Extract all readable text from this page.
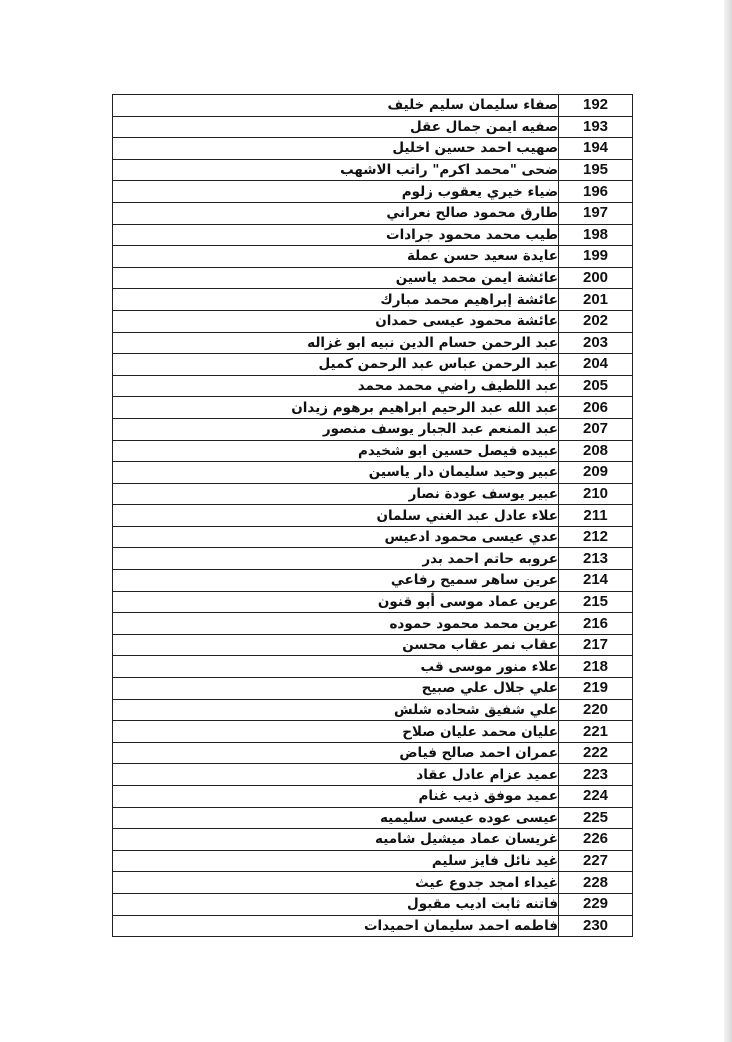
صفاء سليمان سليم خليف	192
صفيه ايمن جمال عقل	193
صهيب احمد حسين اخليل	194
ضحى "محمد اكرم" راتب الاشهب	195
ضياء خيري يعقوب زلوم	196
طارق محمود صالح نعراني	197
طيب محمد محمود جرادات	198
عايدة سعيد حسن عملة	199
عائشة ايمن محمد ياسين	200
عائشة إبراهيم محمد مبارك	201
عائشة محمود عيسى حمدان	202
عبد الرحمن حسام الدين نبيه ابو غزاله	203
عبد الرحمن عباس عبد الرحمن كميل	204
عبد اللطيف راضي محمد محمد	205
عبد الله عبد الرحيم ابراهيم برهوم زيدان	206
عبد المنعم عبد الجبار يوسف منصور	207
عبيده فيصل حسين ابو شخيدم	208
عبير وحيد سليمان دار ياسين	209
عبير يوسف عودة نصار	210
علاء عادل عبد الغني سلمان	211
عدي عيسى محمود ادعيس	212
عروبه حاتم احمد بدر	213
عرين ساهر سميح رفاعي	214
عرين عماد موسى أبو قنون	215
عرين محمد محمود حموده	216
عقاب نمر عقاب محسن	217
علاء منور موسى قب	218
علي جلال علي صبيح	219
علي شفيق شحاده شلش	220
عليان محمد عليان صلاح	221
عمران احمد صالح فياض	222
عميد عزام عادل عقاد	223
عميد موفق ذيب غنام	224
عيسى عوده عيسى سليميه	225
غريسان عماد ميشيل شاميه	226
غيد نائل فايز سليم	227
غيداء امجد جدوع عيث	228
فاتنه ثابت اديب مقبول	229
فاطمه احمد سليمان احميدات	230
